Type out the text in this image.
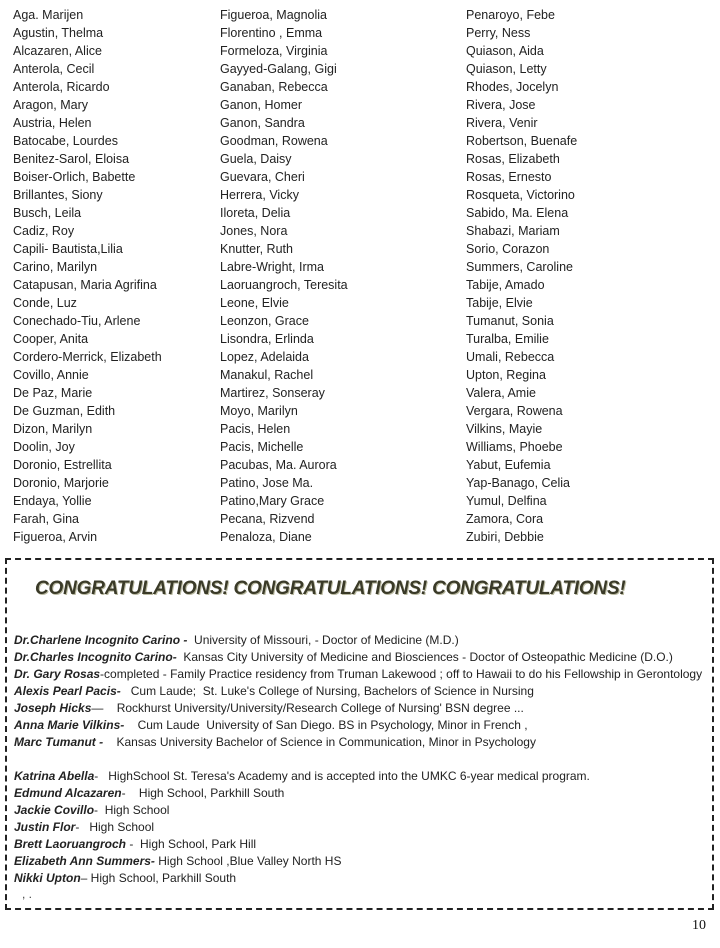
Aga. Marijen
Agustin, Thelma
Alcazaren, Alice
Anterola, Cecil
Anterola, Ricardo
Aragon, Mary
Austria, Helen
Batocabe, Lourdes
Benitez-Sarol, Eloisa
Boiser-Orlich, Babette
Brillantes, Siony
Busch, Leila
Cadiz, Roy
Capili- Bautista,Lilia
Carino, Marilyn
Catapusan, Maria Agrifina
Conde, Luz
Conechado-Tiu, Arlene
Cooper, Anita
Cordero-Merrick, Elizabeth
Covillo, Annie
De Paz, Marie
De Guzman, Edith
Dizon, Marilyn
Doolin, Joy
Doronio, Estrellita
Doronio, Marjorie
Endaya, Yollie
Farah, Gina
Figueroa, Arvin
Figueroa, Magnolia
Florentino , Emma
Formeloza, Virginia
Gayyed-Galang, Gigi
Ganaban, Rebecca
Ganon, Homer
Ganon, Sandra
Goodman, Rowena
Guela, Daisy
Guevara, Cheri
Herrera, Vicky
Iloreta, Delia
Jones, Nora
Knutter, Ruth
Labre-Wright, Irma
Laoruangroch, Teresita
Leone, Elvie
Leonzon, Grace
Lisondra, Erlinda
Lopez, Adelaida
Manakul, Rachel
Martirez, Sonseray
Moyo, Marilyn
Pacis, Helen
Pacis, Michelle
Pacubas, Ma. Aurora
Patino, Jose Ma.
Patino,Mary Grace
Pecana, Rizvend
Penaloza, Diane
Penaroyo, Febe
Perry, Ness
Quiason, Aida
Quiason, Letty
Rhodes, Jocelyn
Rivera, Jose
Rivera, Venir
Robertson, Buenafe
Rosas, Elizabeth
Rosas, Ernesto
Rosqueta, Victorino
Sabido, Ma. Elena
Shabazi, Mariam
Sorio, Corazon
Summers, Caroline
Tabije, Amado
Tabije, Elvie
Tumanut, Sonia
Turalba, Emilie
Umali, Rebecca
Upton, Regina
Valera, Amie
Vergara, Rowena
Vilkins, Mayie
Williams, Phoebe
Yabut, Eufemia
Yap-Banago, Celia
Yumul, Delfina
Zamora, Cora
Zubiri, Debbie
CONGRATULATIONS! CONGRATULATIONS! CONGRATULATIONS!
Dr.Charlene Incognito Carino -  University of Missouri, - Doctor of Medicine (M.D.)
Dr.Charles Incognito Carino-  Kansas City University of Medicine and Biosciences - Doctor of Osteopathic Medicine (D.O.)
Dr. Gary Rosas-completed - Family Practice residency from Truman Lakewood ; off to Hawaii to do his Fellowship in Gerontology
Alexis Pearl Pacis-   Cum Laude;  St. Luke's College of Nursing, Bachelors of Science in Nursing
Joseph Hicks—    Rockhurst University/University/Research College of Nursing' BSN degree ...
Anna Marie Vilkins-    Cum Laude  University of San Diego. BS in Psychology, Minor in French ,
Marc Tumanut -    Kansas University Bachelor of Science in Communication, Minor in Psychology
Katrina Abella-   HighSchool St. Teresa's Academy and is accepted into the UMKC 6-year medical program.
Edmund Alcazaren-    High School, Parkhill South
Jackie Covillo-  High School
Justin Flor-   High School
Brett Laoruangroch -  High School, Park Hill
Elizabeth Ann Summers- High School ,Blue Valley North HS
Nikki Upton– High School, Parkhill South
, .
10
